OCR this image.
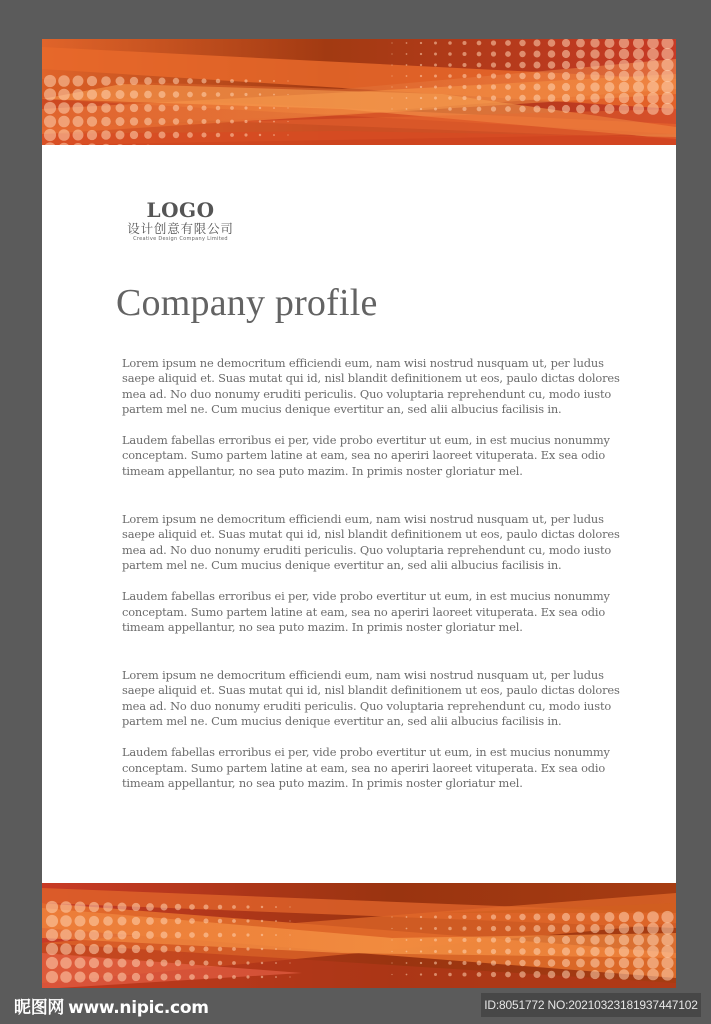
LOGO
设计创意有限公司
Creative Design Company Limited
Company profile

Lorem ipsum ne democritum efficiendi eum, nam wisi nostrud nusquam ut, per ludus saepe aliquid et. Suas mutat qui id, nisl blandit definitionem ut eos, paulo dictas dolores mea ad. No duo nonumy eruditi periculis. Quo voluptaria reprehendunt cu, modo iusto partem mel ne. Cum mucius denique evertitur an, sed alii albucius facilisis in.

Laudem fabellas erroribus ei per, vide probo evertitur ut eum, in est mucius nonummy conceptam. Sumo partem latine at eam, sea no aperiri laoreet vituperata. Ex sea odio timeam appellantur, no sea puto mazim. In primis noster gloriatur mel.

Lorem ipsum ne democritum efficiendi eum, nam wisi nostrud nusquam ut, per ludus saepe aliquid et. Suas mutat qui id, nisl blandit definitionem ut eos, paulo dictas dolores mea ad. No duo nonumy eruditi periculis. Quo voluptaria reprehendunt cu, modo iusto partem mel ne. Cum mucius denique evertitur an, sed alii albucius facilisis in.

Laudem fabellas erroribus ei per, vide probo evertitur ut eum, in est mucius nonummy conceptam. Sumo partem latine at eam, sea no aperiri laoreet vituperata. Ex sea odio timeam appellantur, no sea puto mazim. In primis noster gloriatur mel.

Lorem ipsum ne democritum efficiendi eum, nam wisi nostrud nusquam ut, per ludus saepe aliquid et. Suas mutat qui id, nisl blandit definitionem ut eos, paulo dictas dolores mea ad. No duo nonumy eruditi periculis. Quo voluptaria reprehendunt cu, modo iusto partem mel ne. Cum mucius denique evertitur an, sed alii albucius facilisis in.

Laudem fabellas erroribus ei per, vide probo evertitur ut eum, in est mucius nonummy conceptam. Sumo partem latine at eam, sea no aperiri laoreet vituperata. Ex sea odio timeam appellantur, no sea puto mazim. In primis noster gloriatur mel.

昵图网 www.nipic.com	ID:8051772 NO:20210323181937447102
